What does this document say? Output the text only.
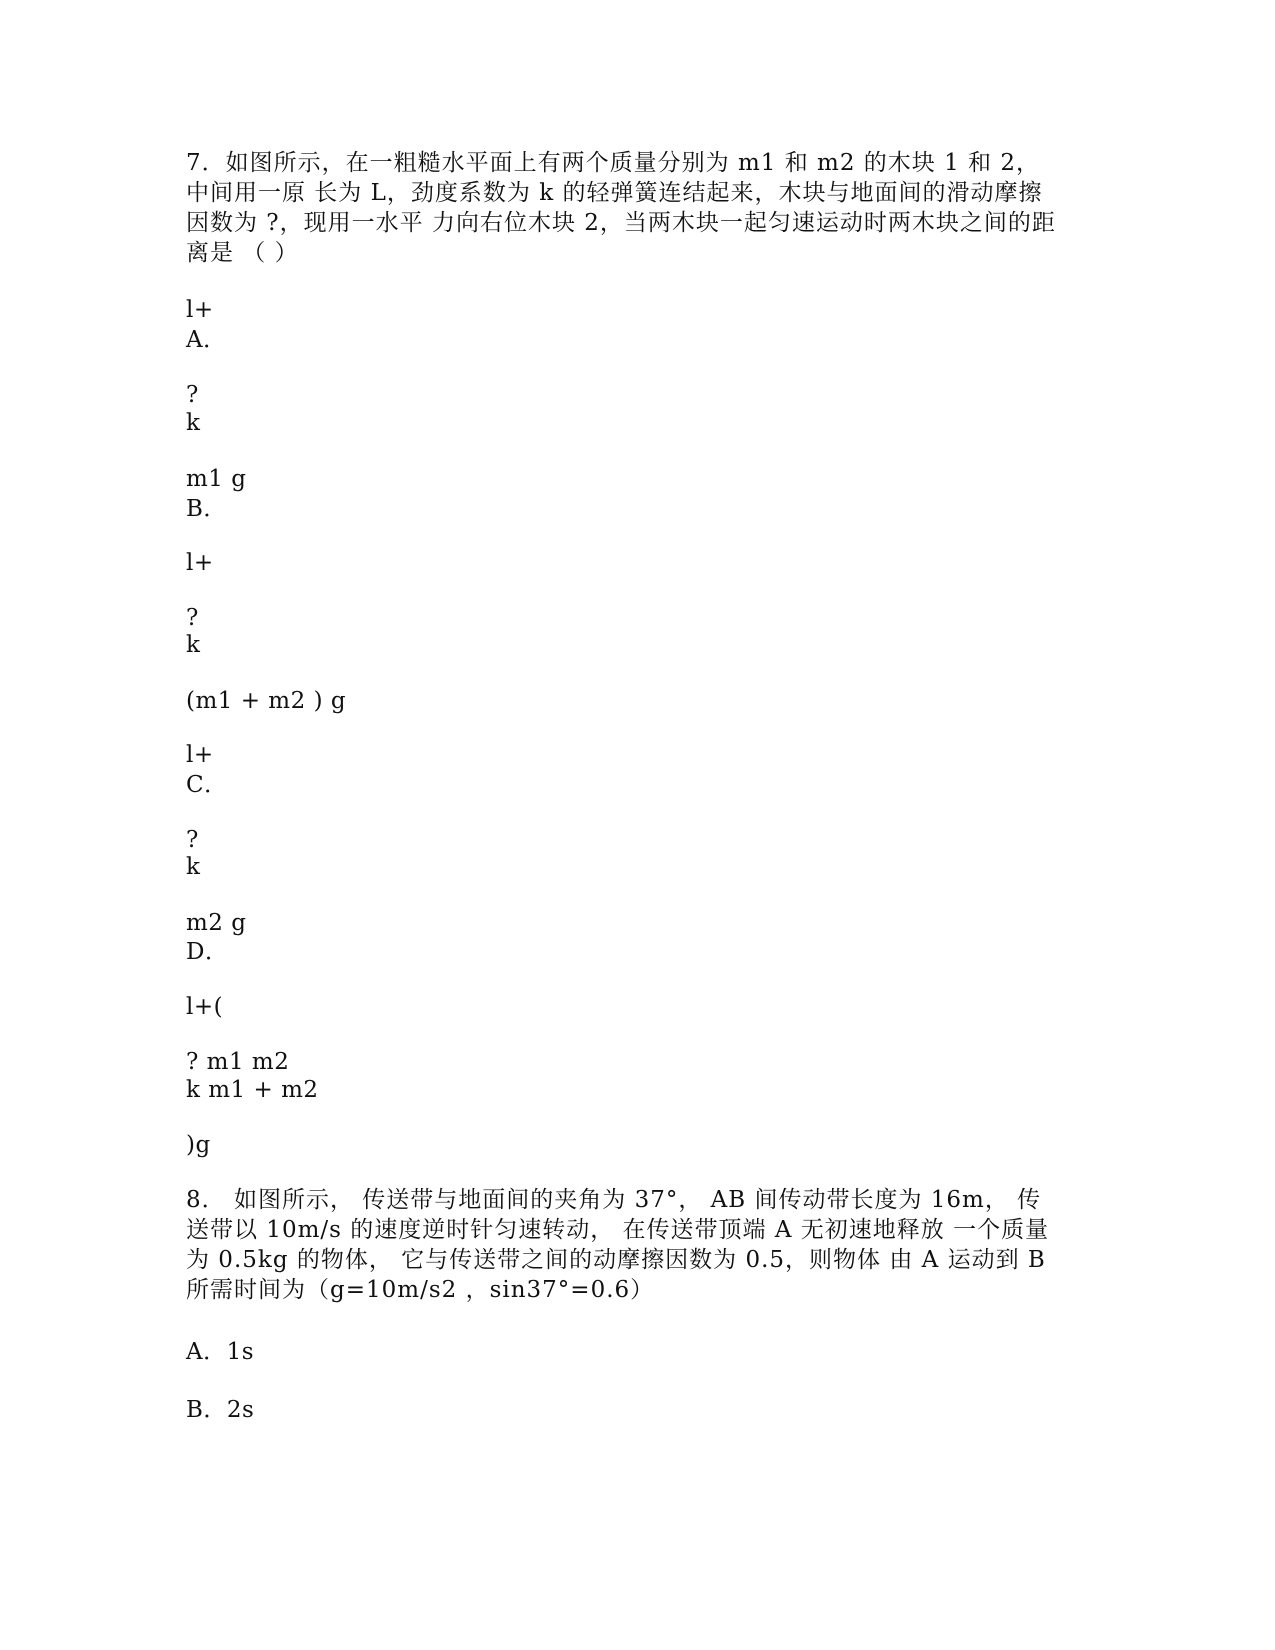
7．如图所示，在一粗糙水平面上有两个质量分别为 m1 和 m2 的木块 1 和 2，
中间用一原 长为 L，劲度系数为 k 的轻弹簧连结起来，木块与地面间的滑动摩擦
因数为 ?，现用一水平 力向右位木块 2，当两木块一起匀速运动时两木块之间的距
离是 （ ）
l+
A．
?
k
m1 g
B．
l+
?
k
(m1 + m2 ) g
l+
C．
?
k
m2 g
D．
l+(
? m1 m2
k m1 + m2
)g
8． 如图所示， 传送带与地面间的夹角为 37°， AB 间传动带长度为 16m， 传
送带以 10m/s 的速度逆时针匀速转动， 在传送带顶端 A 无初速地释放 一个质量
为 0.5kg 的物体， 它与传送带之间的动摩擦因数为 0.5，则物体 由 A 运动到 B
所需时间为（g=10m/s2 ，sin37°=0.6）
A．1s
B．2s
